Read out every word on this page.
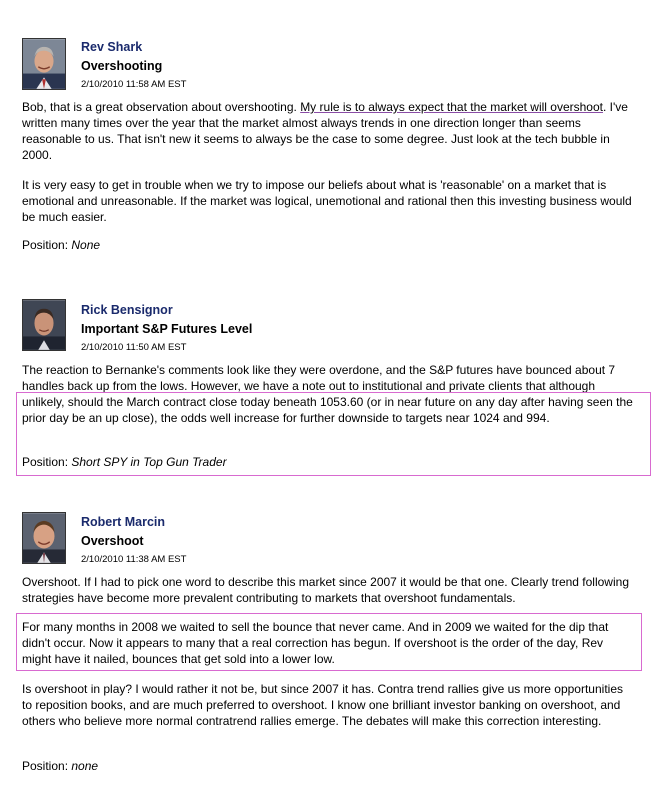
Rev Shark
Overshooting
2/10/2010 11:58 AM EST
Bob, that is a great observation about overshooting. My rule is to always expect that the market will overshoot. I've written many times over the year that the market almost always trends in one direction longer than seems reasonable to us. That isn't new it seems to always be the case to some degree. Just look at the tech bubble in 2000.
It is very easy to get in trouble when we try to impose our beliefs about what is 'reasonable' on a market that is emotional and unreasonable. If the market was logical, unemotional and rational then this investing business would be much easier.
Position: None
Rick Bensignor
Important S&P Futures Level
2/10/2010 11:50 AM EST
The reaction to Bernanke's comments look like they were overdone, and the S&P futures have bounced about 7 handles back up from the lows. However, we have a note out to institutional and private clients that although unlikely, should the March contract close today beneath 1053.60 (or in near future on any day after having seen the prior day be an up close), the odds well increase for further downside to targets near 1024 and 994.
Position: Short SPY in Top Gun Trader
Robert Marcin
Overshoot
2/10/2010 11:38 AM EST
Overshoot. If I had to pick one word to describe this market since 2007 it would be that one. Clearly trend following strategies have become more prevalent contributing to markets that overshoot fundamentals.
For many months in 2008 we waited to sell the bounce that never came. And in 2009 we waited for the dip that didn't occur. Now it appears to many that a real correction has begun. If overshoot is the order of the day, Rev might have it nailed, bounces that get sold into a lower low.
Is overshoot in play? I would rather it not be, but since 2007 it has. Contra trend rallies give us more opportunities to reposition books, and are much preferred to overshoot. I know one brilliant investor banking on overshoot, and others who believe more normal contratrend rallies emerge. The debates will make this correction interesting.
Position: none
